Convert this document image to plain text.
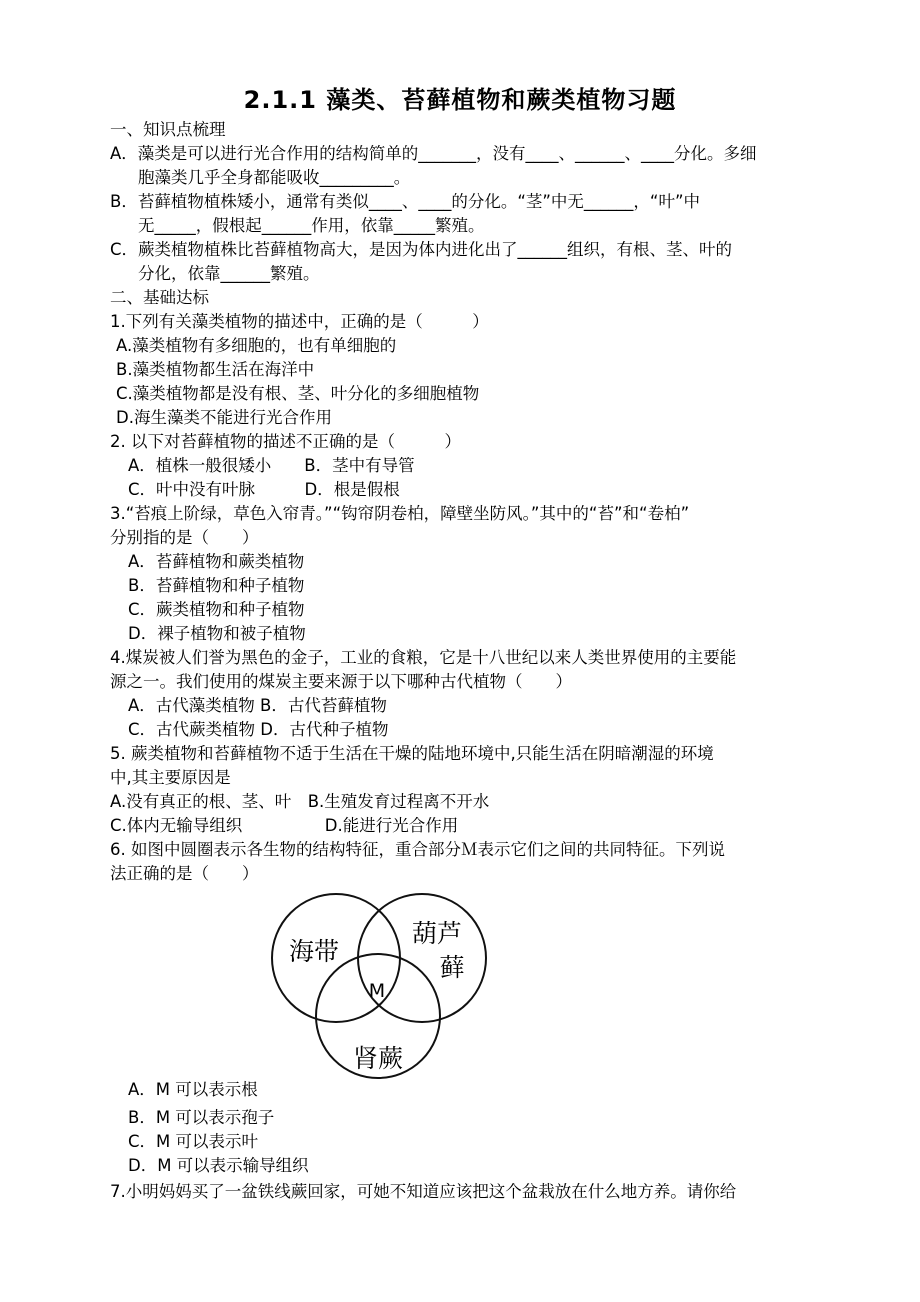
2.1.1 藻类、苔藓植物和蕨类植物习题
一、知识点梳理
A．藻类是可以进行光合作用的结构简单的_______，没有____、______、____分化。多细
胞藻类几乎全身都能吸收_________。
B．苔藓植物植株矮小，通常有类似____、____的分化。“茎”中无______，“叶”中
无_____，假根起______作用，依靠_____繁殖。
C．蕨类植物植株比苔藓植物高大，是因为体内进化出了______组织，有根、茎、叶的
分化，依靠______繁殖。
二、基础达标
1.下列有关藻类植物的描述中，正确的是（　　　）
A.藻类植物有多细胞的，也有单细胞的
B.藻类植物都生活在海洋中
C.藻类植物都是没有根、茎、叶分化的多细胞植物
D.海生藻类不能进行光合作用
2. 以下对苔藓植物的描述不正确的是（　　　）
A．植株一般很矮小　　B．茎中有导管
C．叶中没有叶脉　　　D．根是假根
3.“苔痕上阶绿，草色入帘青。”“钩帘阴卷柏，障壁坐防风。”其中的“苔”和“卷柏”
分别指的是（　　）
A．苔藓植物和蕨类植物
B．苔藓植物和种子植物
C．蕨类植物和种子植物
D．裸子植物和被子植物
4.煤炭被人们誉为黑色的金子，工业的食粮，它是十八世纪以来人类世界使用的主要能
源之一。我们使用的煤炭主要来源于以下哪种古代植物（　　）
A．古代藻类植物 B．古代苔藓植物
C．古代蕨类植物 D．古代种子植物
5. 蕨类植物和苔藓植物不适于生活在干燥的陆地环境中,只能生活在阴暗潮湿的环境
中,其主要原因是
A.没有真正的根、茎、叶　B.生殖发育过程离不开水
C.体内无输导组织　　　　　D.能进行光合作用
6. 如图中圆圈表示各生物的结构特征，重合部分Ｍ表示它们之间的共同特征。下列说
法正确的是（　　）
海带
葫芦
藓
M
肾蕨
A．M 可以表示根
B．M 可以表示孢子
C．M 可以表示叶
D．M 可以表示输导组织
7.小明妈妈买了一盆铁线蕨回家，可她不知道应该把这个盆栽放在什么地方养。请你给
